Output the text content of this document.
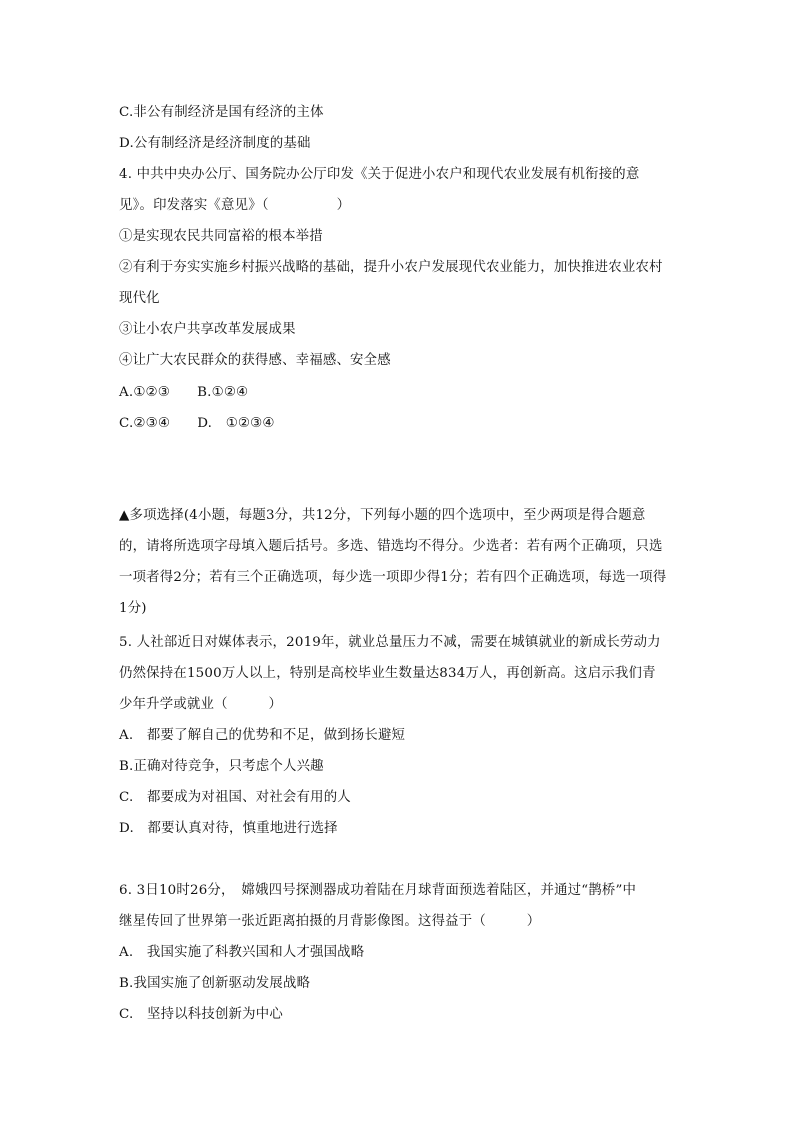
C.非公有制经济是国有经济的主体
D.公有制经济是经济制度的基础
4. 中共中央办公厅、国务院办公厅印发《关于促进小农户和现代农业发展有机衔接的意
见》。印发落实《意见》（　　　　　）
①是实现农民共同富裕的根本举措
②有利于夯实实施乡村振兴战略的基础，提升小农户发展现代农业能力，加快推进农业农村
现代化
③让小农户共享改革发展成果
④让广大农民群众的获得感、幸福感、安全感
A.①②③　　B.①②④
C.②③④　　D.　①②③④
▲多项选择(4小题，每题3分，共12分，下列每小题的四个选项中，至少两项是得合题意
的，请将所选项字母填入题后括号。多选、错选均不得分。少选者：若有两个正确项，只选
一项者得2分；若有三个正确选项，每少选一项即少得1分；若有四个正确选项，每选一项得
1分)
5. 人社部近日对媒体表示，2019年，就业总量压力不减，需要在城镇就业的新成长劳动力
仍然保持在1500万人以上，特别是高校毕业生数量达834万人，再创新高。这启示我们青
少年升学或就业（　　　）
A.　都要了解自己的优势和不足，做到扬长避短
B.正确对待竞争，只考虑个人兴趣
C.　都要成为对祖国、对社会有用的人
D.　都要认真对待，慎重地进行选择
6. 3日10时26分，　嫦娥四号探测器成功着陆在月球背面预选着陆区，并通过“鹊桥”中
继星传回了世界第一张近距离拍摄的月背影像图。这得益于（　　　）
A.　我国实施了科教兴国和人才强国战略
B.我国实施了创新驱动发展战略
C.　坚持以科技创新为中心
